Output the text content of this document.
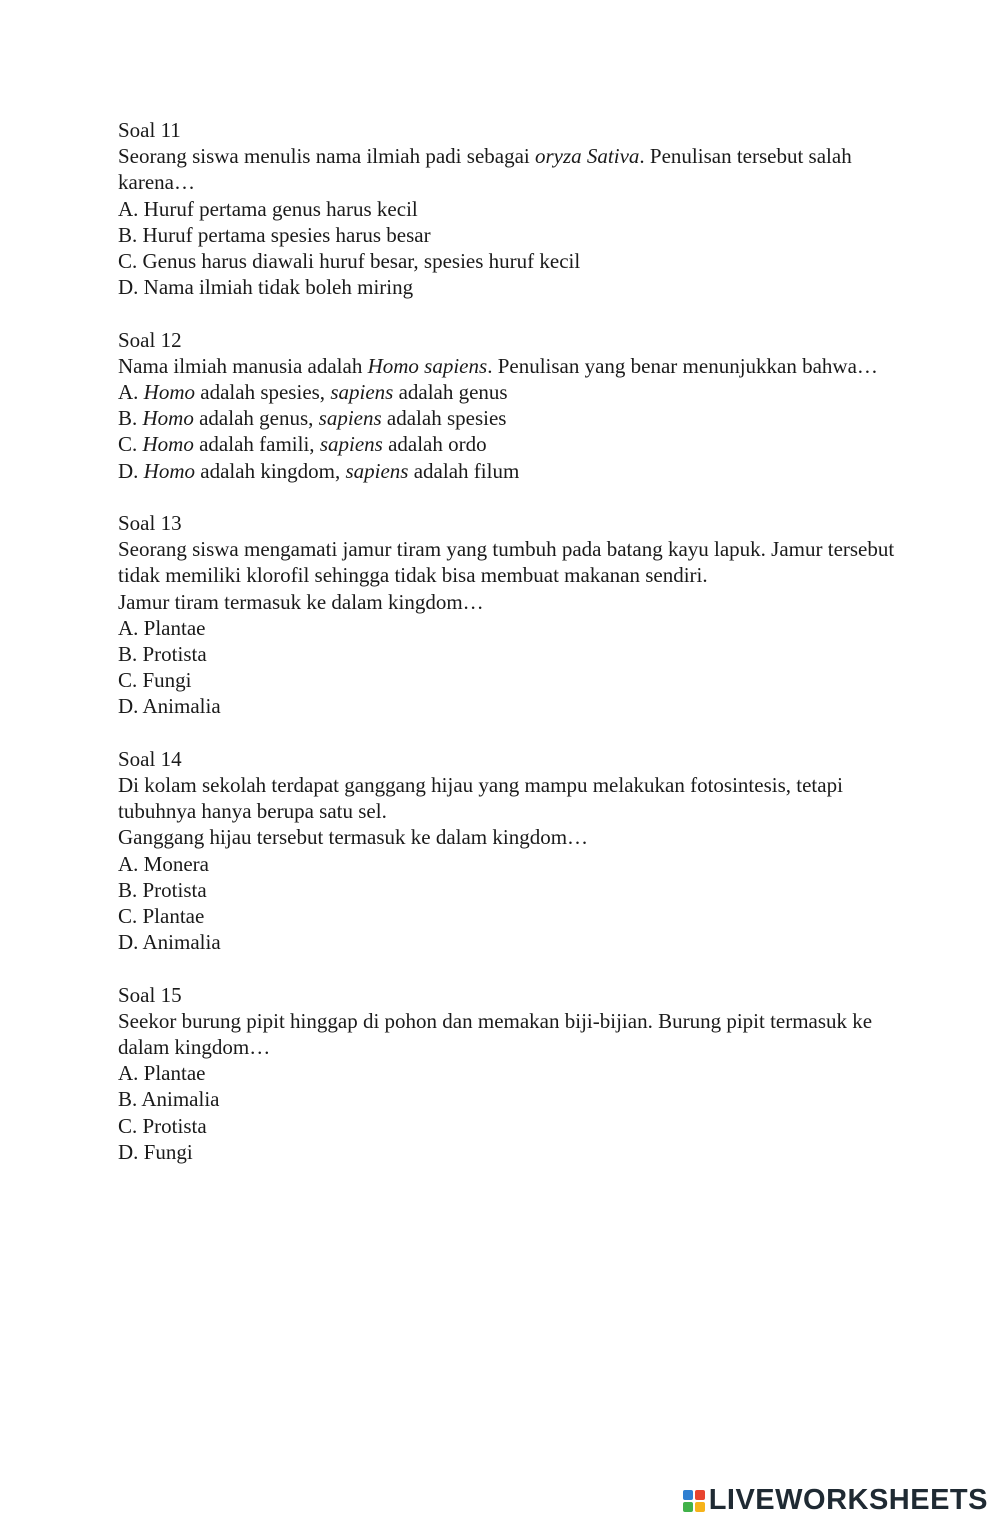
Soal 11

Seorang siswa menulis nama ilmiah padi sebagai oryza Sativa. Penulisan tersebut salah karena…

A. Huruf pertama genus harus kecil

B. Huruf pertama spesies harus besar

C. Genus harus diawali huruf besar, spesies huruf kecil

D. Nama ilmiah tidak boleh miring

Soal 12

Nama ilmiah manusia adalah Homo sapiens. Penulisan yang benar menunjukkan bahwa…

A. Homo adalah spesies, sapiens adalah genus

B. Homo adalah genus, sapiens adalah spesies

C. Homo adalah famili, sapiens adalah ordo

D. Homo adalah kingdom, sapiens adalah filum

Soal 13

Seorang siswa mengamati jamur tiram yang tumbuh pada batang kayu lapuk. Jamur tersebut tidak memiliki klorofil sehingga tidak bisa membuat makanan sendiri.

Jamur tiram termasuk ke dalam kingdom…

A. Plantae

B. Protista

C. Fungi

D. Animalia

Soal 14

Di kolam sekolah terdapat ganggang hijau yang mampu melakukan fotosintesis, tetapi tubuhnya hanya berupa satu sel.

Ganggang hijau tersebut termasuk ke dalam kingdom…

A. Monera

B. Protista

C. Plantae

D. Animalia

Soal 15

Seekor burung pipit hinggap di pohon dan memakan biji-bijian. Burung pipit termasuk ke dalam kingdom…

A. Plantae

B. Animalia

C. Protista

D. Fungi

LIVEWORKSHEETS
